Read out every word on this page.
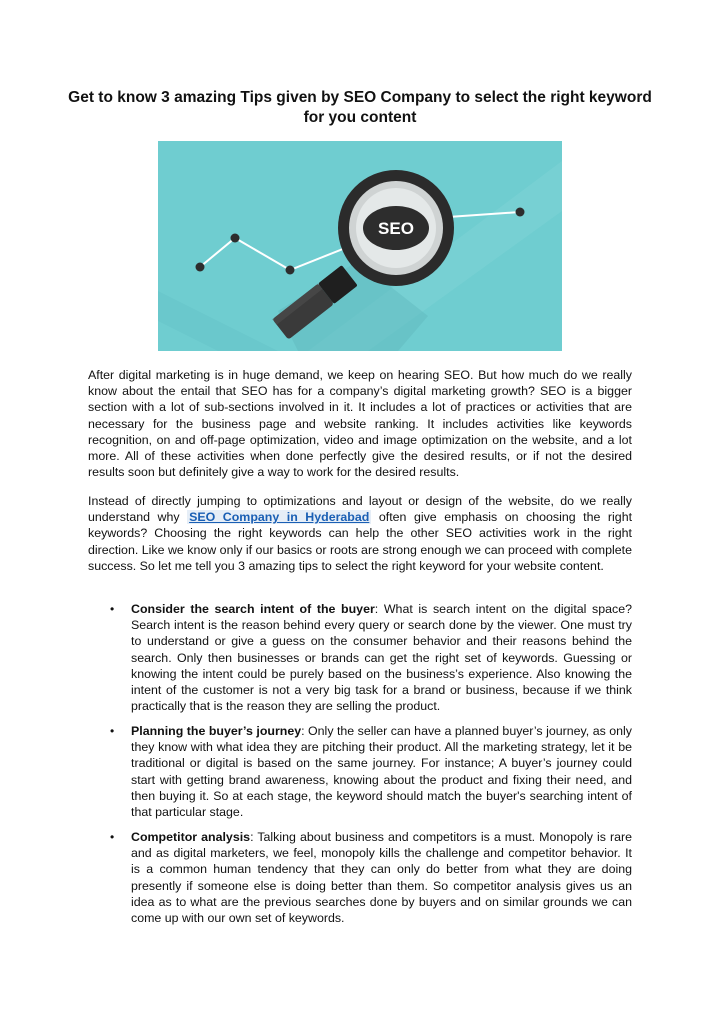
Get to know 3 amazing Tips given by SEO Company to select the right keyword for you content
SEO

After digital marketing is in huge demand, we keep on hearing SEO. But how much do we really know about the entail that SEO has for a company’s digital marketing growth? SEO is a bigger section with a lot of sub-sections involved in it. It includes a lot of practices or activities that are necessary for the business page and website ranking. It includes activities like keywords recognition, on and off-page optimization, video and image optimization on the website, and a lot more. All of these activities when done perfectly give the desired results, or if not the desired results soon but definitely give a way to work for the desired results.

Instead of directly jumping to optimizations and layout or design of the website, do we really understand why SEO Company in Hyderabad often give emphasis on choosing the right keywords? Choosing the right keywords can help the other SEO activities work in the right direction. Like we know only if our basics or roots are strong enough we can proceed with complete success. So let me tell you 3 amazing tips to select the right keyword for your website content.

• Consider the search intent of the buyer: What is search intent on the digital space? Search intent is the reason behind every query or search done by the viewer. One must try to understand or give a guess on the consumer behavior and their reasons behind the search. Only then businesses or brands can get the right set of keywords. Guessing or knowing the intent could be purely based on the business’s experience. Also knowing the intent of the customer is not a very big task for a brand or business, because if we think practically that is the reason they are selling the product.
• Planning the buyer’s journey: Only the seller can have a planned buyer’s journey, as only they know with what idea they are pitching their product. All the marketing strategy, let it be traditional or digital is based on the same journey. For instance; A buyer’s journey could start with getting brand awareness, knowing about the product and fixing their need, and then buying it. So at each stage, the keyword should match the buyer's searching intent of that particular stage.
• Competitor analysis: Talking about business and competitors is a must. Monopoly is rare and as digital marketers, we feel, monopoly kills the challenge and competitor behavior. It is a common human tendency that they can only do better from what they are doing presently if someone else is doing better than them. So competitor analysis gives us an idea as to what are the previous searches done by buyers and on similar grounds we can come up with our own set of keywords.
